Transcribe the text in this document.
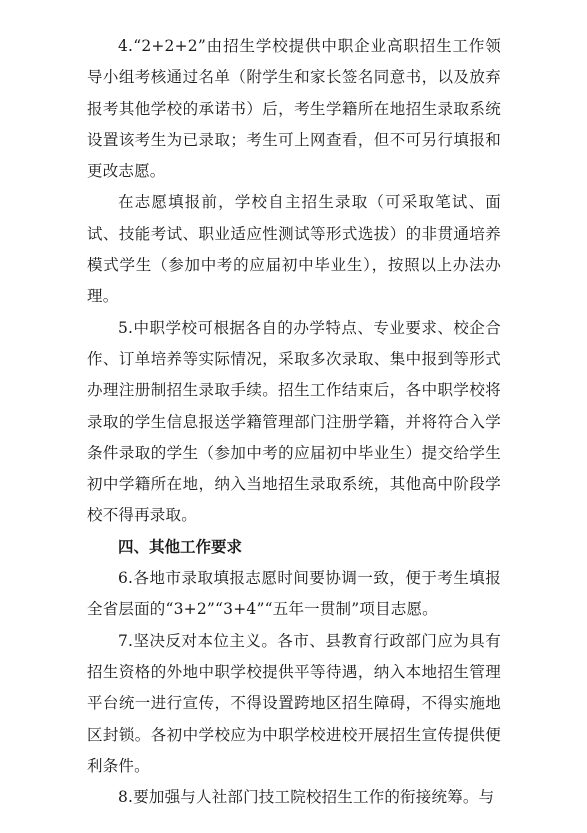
4.“2+2+2”由招生学校提供中职企业高职招生工作领导小组考核通过名单（附学生和家长签名同意书，以及放弃报考其他学校的承诺书）后，考生学籍所在地招生录取系统设置该考生为已录取；考生可上网查看，但不可另行填报和更改志愿。

在志愿填报前，学校自主招生录取（可采取笔试、面试、技能考试、职业适应性测试等形式选拔）的非贯通培养模式学生（参加中考的应届初中毕业生），按照以上办法办理。

5.中职学校可根据各自的办学特点、专业要求、校企合作、订单培养等实际情况，采取多次录取、集中报到等形式办理注册制招生录取手续。招生工作结束后，各中职学校将录取的学生信息报送学籍管理部门注册学籍，并将符合入学条件录取的学生（参加中考的应届初中毕业生）提交给学生初中学籍所在地，纳入当地招生录取系统，其他高中阶段学校不得再录取。

四、其他工作要求

6.各地市录取填报志愿时间要协调一致，便于考生填报全省层面的“3+2”“3+4”“五年一贯制”项目志愿。

7.坚决反对本位主义。各市、县教育行政部门应为具有招生资格的外地中职学校提供平等待遇，纳入本地招生管理平台统一进行宣传，不得设置跨地区招生障碍，不得实施地区封锁。各初中学校应为中职学校进校开展招生宣传提供便利条件。

8.要加强与人社部门技工院校招生工作的衔接统筹。与
